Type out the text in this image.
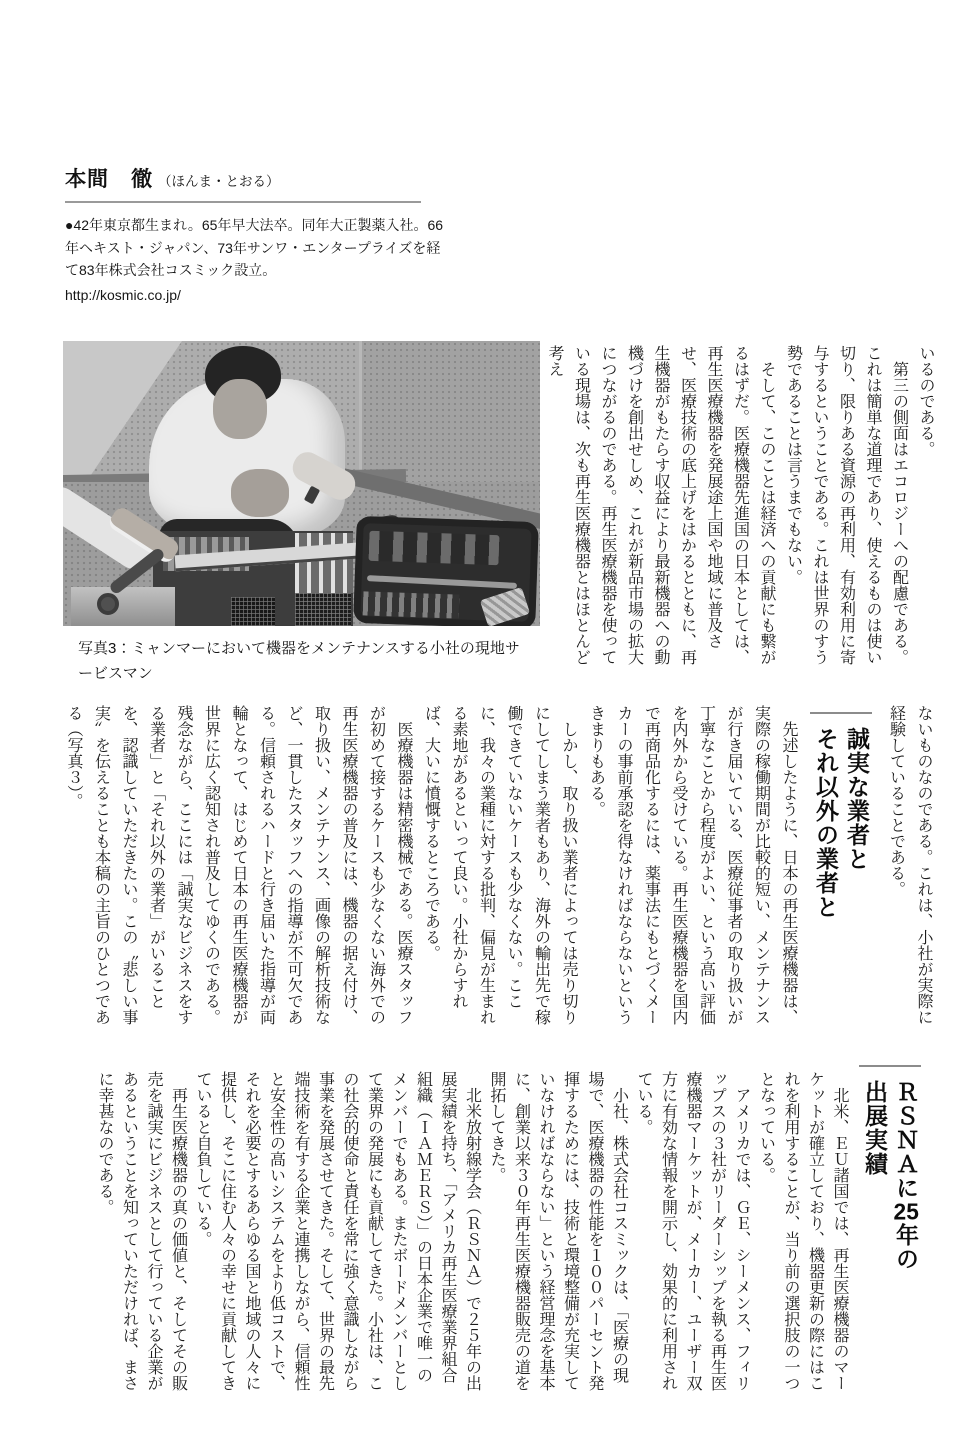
本間　徹 （ほんま・とおる）

●42年東京都生まれ。65年早大法卒。同年大正製薬入社。66年ヘキスト・ジャパン、73年サンワ・エンタープライズを経て83年株式会社コスミック設立。

http://kosmic.co.jp/

いるのである。

　第三の側面はエコロジーへの配慮である。これは簡単な道理であり、使えるものは使い切り、限りある資源の再利用、有効利用に寄与するということである。これは世界のすう勢であることは言うまでもない。

　そして、このことは経済への貢献にも繋がるはずだ。医療機器先進国の日本としては、再生医療機器を発展途上国や地域に普及させ、医療技術の底上げをはかるとともに、再生機器がもたらす収益により最新機器への動機づけを創出せしめ、これが新品市場の拡大につながるのである。再生医療機器を使っている現場は、次も再生医療機器とはほとんど考え

写真3：ミャンマーにおいて機器をメンテナンスする小社の現地サービスマン

ないものなのである。これは、小社が実際に経験していることである。

誠実な業者と
それ以外の業者と

　先述したように、日本の再生医療機器は、実際の稼働期間が比較的短い、メンテナンスが行き届いている、医療従事者の取り扱いが丁寧なことから程度がよい、という高い評価を内外から受けている。再生医療機器を国内で再商品化するには、薬事法にもとづくメーカーの事前承認を得なければならないというきまりもある。

　しかし、取り扱い業者によっては売り切りにしてしまう業者もあり、海外の輸出先で稼働できていないケースも少なくない。ここに、我々の業種に対する批判、偏見が生まれる素地があるといって良い。小社からすれば、大いに憤慨するところである。

　医療機器は精密機械である。医療スタッフが初めて接するケースも少なくない海外での再生医療機器の普及には、機器の据え付け、取り扱い、メンテナンス、画像の解析技術など、一貫したスタッフへの指導が不可欠である。信頼されるハードと行き届いた指導が両輪となって、はじめて日本の再生医療機器が世界に広く認知され普及してゆくのである。残念ながら、ここには「誠実なビジネスをする業者」と「それ以外の業者」がいることを、認識していただきたい。この〝悲しい事実〟を伝えることも本稿の主旨のひとつである（写真３）。

ＲＳＮＡに25年の
出展実績

　北米、ＥＵ諸国では、再生医療機器のマーケットが確立しており、機器更新の際にはこれを利用することが、当り前の選択肢の一つとなっている。

　アメリカでは、ＧＥ、シーメンス、フィリップスの３社がリーダーシップを執る再生医療機器マーケットが、メーカー、ユーザー双方に有効な情報を開示し、効果的に利用されている。

　小社、株式会社コスミックは、「医療の現場で、医療機器の性能を１００パーセント発揮するためには、技術と環境整備が充実していなければならない」という経営理念を基本に、創業以来３０年再生医療機器販売の道を開拓してきた。

　北米放射線学会（ＲＳＮＡ）で２５年の出展実績を持ち、「アメリカ再生医療業界組合組織（ＩＡＭＥＲＳ）」の日本企業で唯一のメンバーでもある。またボードメンバーとして業界の発展にも貢献してきた。小社は、この社会的使命と責任を常に強く意識しながら事業を発展させてきた。そして、世界の最先端技術を有する企業と連携しながら、信頼性と安全性の高いシステムをより低コストで、それを必要とするあらゆる国と地域の人々に提供し、そこに住む人々の幸せに貢献してきていると自負している。

　再生医療機器の真の価値と、そしてその販売を誠実にビジネスとして行っている企業があるということを知っていただければ、まさに幸甚なのである。
